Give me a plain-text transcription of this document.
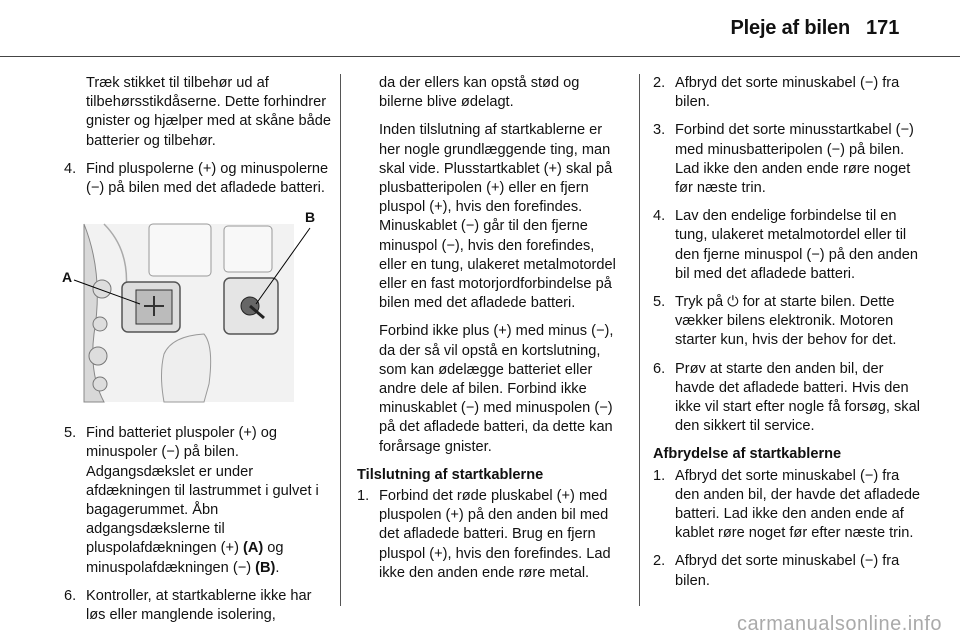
Pleje af bilen 171

Træk stikket til tilbehør ud af tilbehørsstikdåserne. Dette forhindrer gnister og hjælper med at skåne både batterier og tilbehør.

4. Find pluspolerne (+) og minuspolerne (−) på bilen med det afladede batteri.
A
B
5. Find batteriet pluspoler (+) og minuspoler (−) på bilen. Adgangsdækslet er under afdækningen til lastrummet i gulvet i bagagerummet. Åbn adgangsdækslerne til pluspolafdækningen (+) (A) og minuspolafdækningen (−) (B).
6. Kontroller, at startkablerne ikke har løs eller manglende isolering,

da der ellers kan opstå stød og bilerne blive ødelagt.

Inden tilslutning af startkablerne er her nogle grundlæggende ting, man skal vide. Plusstartkablet (+) skal på plusbatteripolen (+) eller en fjern pluspol (+), hvis den forefindes. Minuskablet (−) går til den fjerne minuspol (−), hvis den forefindes, eller en tung, ulakeret metalmotordel eller en fast motorjordforbindelse på bilen med det afladede batteri.

Forbind ikke plus (+) med minus (−), da der så vil opstå en kortslutning, som kan ødelægge batteriet eller andre dele af bilen. Forbind ikke minuskablet (−) med minuspolen (−) på det afladede batteri, da dette kan forårsage gnister.

Tilslutning af startkablerne
1. Forbind det røde pluskabel (+) med pluspolen (+) på den anden bil med det afladede batteri. Brug en fjern pluspol (+), hvis den forefindes. Lad ikke den anden ende røre metal.
2. Afbryd det sorte minuskabel (−) fra bilen.
3. Forbind det sorte minusstartkabel (−) med minusbatteripolen (−) på bilen. Lad ikke den anden ende røre noget før næste trin.
4. Lav den endelige forbindelse til en tung, ulakeret metalmotordel eller til den fjerne minuspol (−) på den anden bil med det afladede batteri.
5. Tryk på ⏻ for at starte bilen. Dette vækker bilens elektronik. Motoren starter kun, hvis der behov for det.
6. Prøv at starte den anden bil, der havde det afladede batteri. Hvis den ikke vil start efter nogle få forsøg, skal den sikkert til service.
Afbrydelse af startkablerne
1. Afbryd det sorte minuskabel (−) fra den anden bil, der havde det afladede batteri. Lad ikke den anden ende af kablet røre noget før efter næste trin.
2. Afbryd det sorte minuskabel (−) fra bilen.
carmanualsonline.info
